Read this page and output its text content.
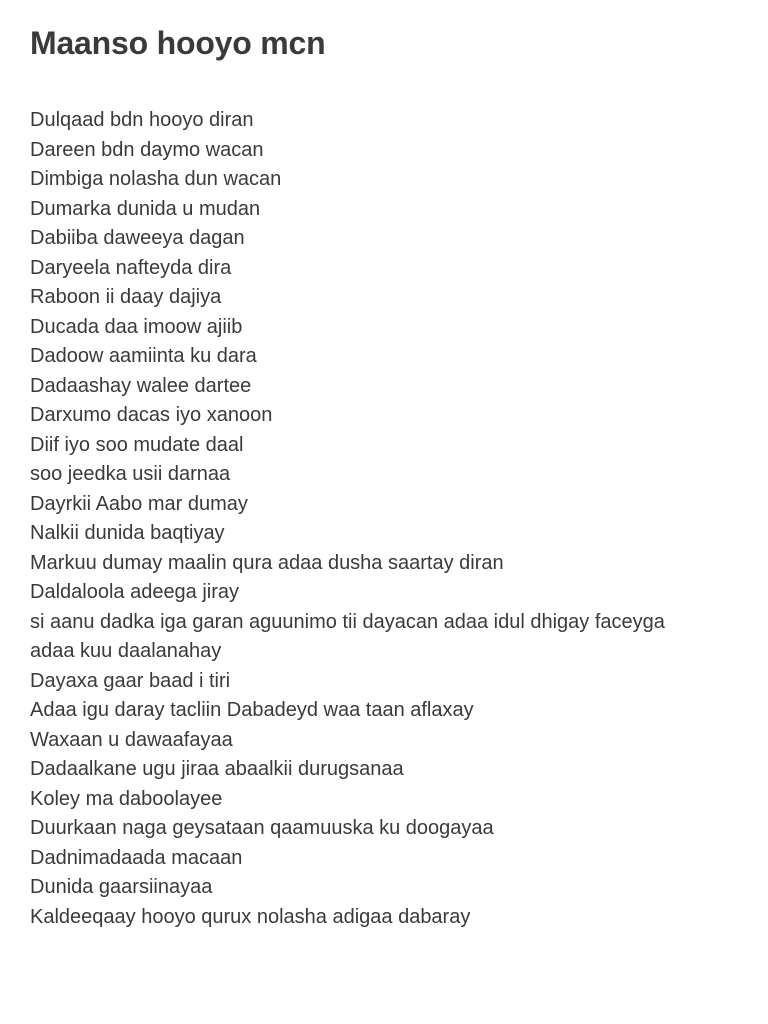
Maanso hooyo mcn
Dulqaad bdn hooyo diran
Dareen bdn daymo wacan
Dimbiga nolasha dun wacan
Dumarka dunida u mudan
Dabiiba daweeya dagan
Daryeela nafteyda dira
Raboon ii daay dajiya
Ducada daa imoow ajiib
Dadoow aamiinta ku dara
Dadaashay walee dartee
Darxumo dacas iyo xanoon
Diif iyo soo mudate daal
soo jeedka usii darnaa
Dayrkii Aabo mar dumay
Nalkii dunida baqtiyay
Markuu dumay maalin qura adaa dusha saartay diran
Daldaloola adeega jiray
si aanu dadka iga garan aguunimo tii dayacan adaa idul dhigay faceyga
adaa kuu daalanahay
Dayaxa gaar baad i tiri
Adaa igu daray tacliin Dabadeyd waa taan aflaxay
Waxaan u dawaafayaa
Dadaalkane ugu jiraa abaalkii durugsanaa
Koley ma daboolayee
Duurkaan naga geysataan qaamuuska ku doogayaa
Dadnimadaada macaan
Dunida gaarsiinayaa
Kaldeeqaay hooyo qurux nolasha adigaa dabaray
